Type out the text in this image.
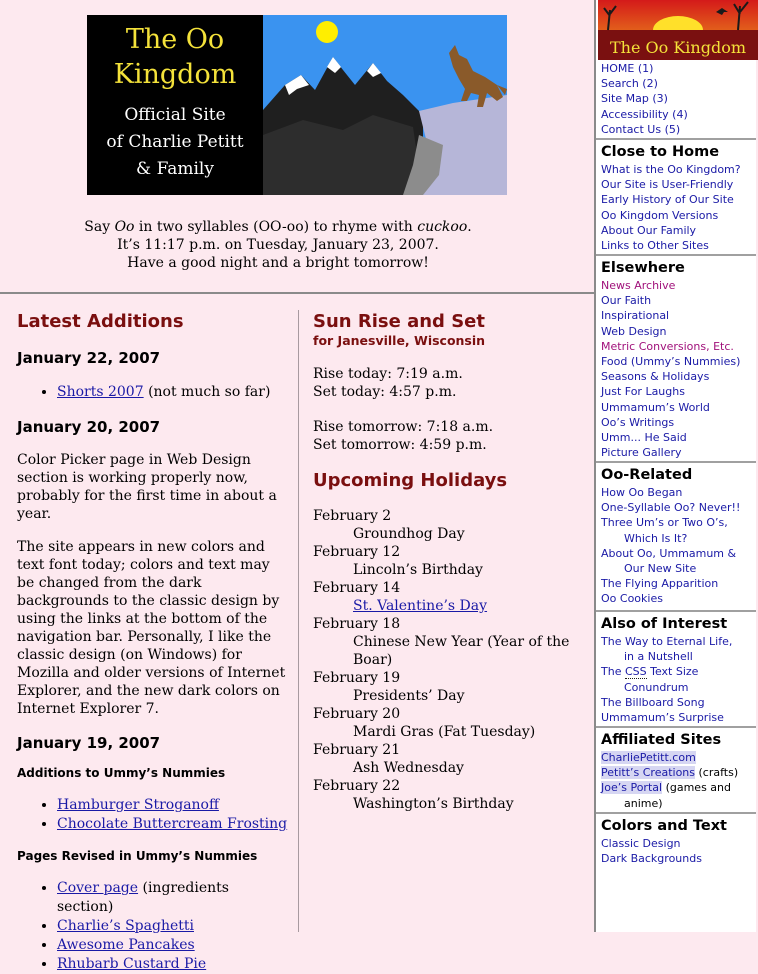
The Oo
Kingdom
Official Site
of Charlie Petitt
& Family
Say Oo in two syllables (OO-oo) to rhyme with cuckoo.
It’s 11:17 p.m. on Tuesday, January 23, 2007.
Have a good night and a bright tomorrow!
Latest Additions
January 22, 2007
• Shorts 2007 (not much so far)
January 20, 2007

Color Picker page in Web Design section is working properly now, probably for the first time in about a year.

The site appears in new colors and text font today; colors and text may be changed from the dark backgrounds to the classic design by using the links at the bottom of the navigation bar. Personally, I like the classic design (on Windows) for Mozilla and older versions of Internet Explorer, and the new dark colors on Internet Explorer 7.

January 19, 2007
Additions to Ummy’s Nummies
• Hamburger Stroganoff
• Chocolate Buttercream Frosting
Pages Revised in Ummy’s Nummies
• Cover page (ingredients section)
• Charlie’s Spaghetti
• Awesome Pancakes
• Rhubarb Custard Pie
Sun Rise and Set
for Janesville, Wisconsin
Rise today: 7:19 a.m.
Set today: 4:57 p.m.
Rise tomorrow: 7:18 a.m.
Set tomorrow: 4:59 p.m.
Upcoming Holidays
February 2
Groundhog Day
February 12
Lincoln’s Birthday
February 14
St. Valentine’s Day
February 18
Chinese New Year (Year of the Boar)
February 19
Presidents’ Day
February 20
Mardi Gras (Fat Tuesday)
February 21
Ash Wednesday
February 22
Washington’s Birthday
The Oo Kingdom
HOME (1)
Search (2)
Site Map (3)
Accessibility (4)
Contact Us (5)
Close to Home
What is the Oo Kingdom?
Our Site is User-Friendly
Early History of Our Site
Oo Kingdom Versions
About Our Family
Links to Other Sites
Elsewhere
News Archive
Our Faith
Inspirational
Web Design
Metric Conversions, Etc.
Food (Ummy’s Nummies)
Seasons & Holidays
Just For Laughs
Ummamum’s World
Oo’s Writings
Umm... He Said
Picture Gallery
Oo-Related
How Oo Began
One-Syllable Oo? Never!!
Three Um’s or Two O’s,
Which Is It?
About Oo, Ummamum &
Our New Site
The Flying Apparition
Oo Cookies
Also of Interest
The Way to Eternal Life,
in a Nutshell
The CSS Text Size
Conundrum
The Billboard Song
Ummamum’s Surprise
Affiliated Sites
CharliePetitt.com
Petitt’s Creations (crafts)
Joe’s Portal (games and
anime)
Colors and Text
Classic Design
Dark Backgrounds
